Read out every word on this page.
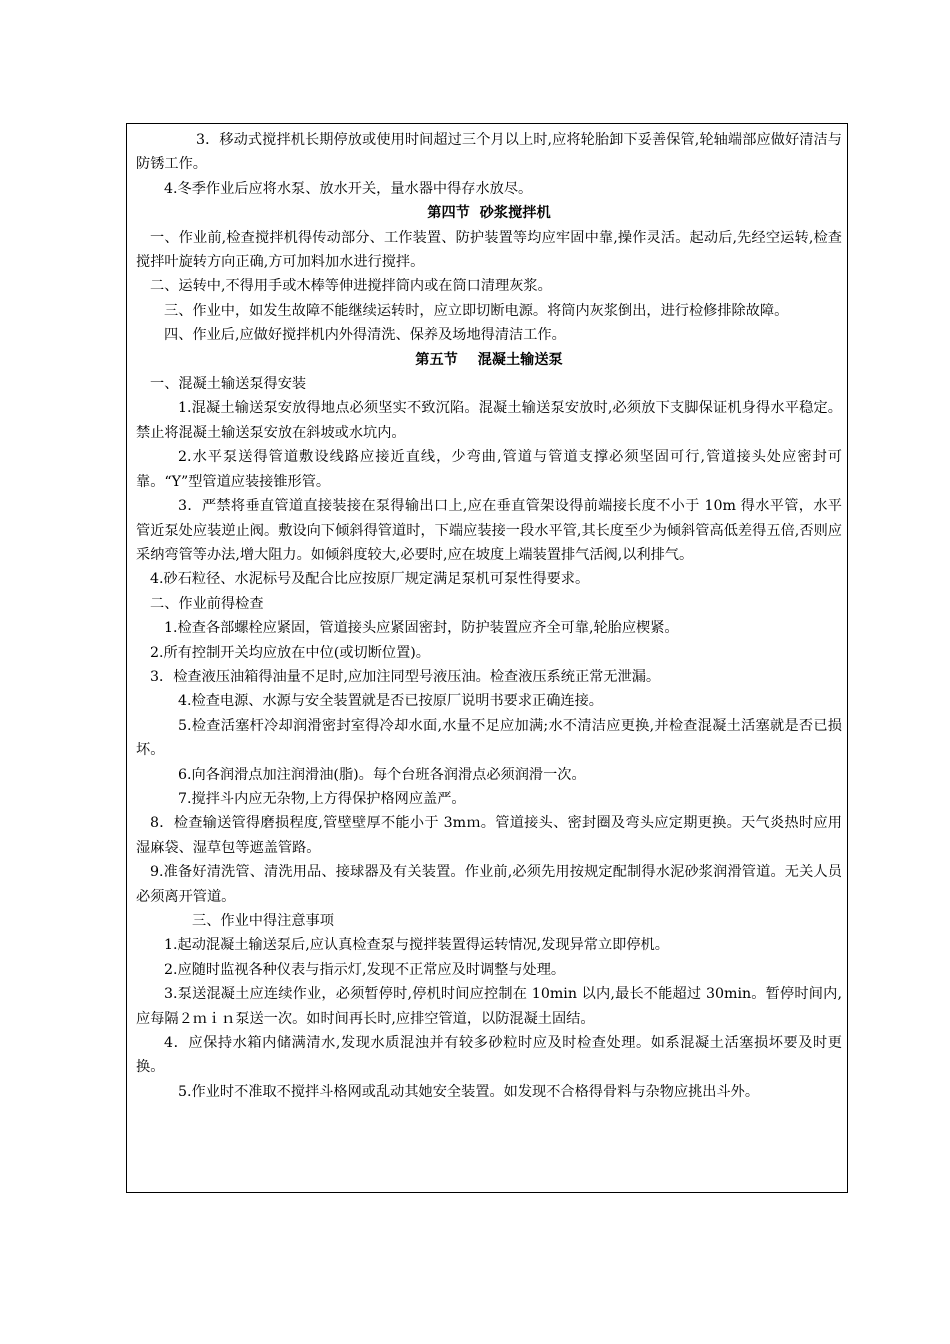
3．移动式搅拌机长期停放或使用时间超过三个月以上时,应将轮胎卸下妥善保管,轮轴端部应做好清洁与防锈工作。

4.冬季作业后应将水泵、放水开关，量水器中得存水放尽。

第四节  砂浆搅拌机

一、作业前,检查搅拌机得传动部分、工作装置、防护装置等均应牢固中靠,操作灵活。起动后,先经空运转,检查搅拌叶旋转方向正确,方可加料加水进行搅拌。

二、运转中,不得用手或木棒等伸进搅拌筒内或在筒口清理灰浆。

三、作业中，如发生故障不能继续运转时，应立即切断电源。将筒内灰浆倒出，进行检修排除故障。

四、作业后,应做好搅拌机内外得清洗、保养及场地得清洁工作。

第五节    混凝土输送泵

一、混凝土输送泵得安装

1.混凝土输送泵安放得地点必须坚实不致沉陷。混凝土输送泵安放时,必须放下支脚保证机身得水平稳定。禁止将混凝土输送泵安放在斜坡或水坑内。

2.水平泵送得管道敷设线路应接近直线，少弯曲,管道与管道支撑必须坚固可行,管道接头处应密封可靠。“Y”型管道应装接锥形管。

3．严禁将垂直管道直接装接在泵得输出口上,应在垂直管架设得前端接长度不小于 10m 得水平管，水平管近泵处应装逆止阀。敷设向下倾斜得管道时，下端应装接一段水平管,其长度至少为倾斜管高低差得五倍,否则应采纳弯管等办法,增大阻力。如倾斜度较大,必要时,应在坡度上端装置排气活阀,以利排气。

4.砂石粒径、水泥标号及配合比应按原厂规定满足泵机可泵性得要求。

二、作业前得检查

1.检查各部螺栓应紧固，管道接头应紧固密封，防护装置应齐全可靠,轮胎应楔紧。

2.所有控制开关均应放在中位(或切断位置)。

3．检查液压油箱得油量不足时,应加注同型号液压油。检查液压系统正常无泄漏。

4.检查电源、水源与安全装置就是否已按原厂说明书要求正确连接。

5.检查活塞杆冷却润滑密封室得冷却水面,水量不足应加满;水不清洁应更换,并检查混凝土活塞就是否已损坏。

6.向各润滑点加注润滑油(脂)。每个台班各润滑点必须润滑一次。

7.搅拌斗内应无杂物,上方得保护格网应盖严。

8．检查输送管得磨损程度,管壁壁厚不能小于 3mｍ。管道接头、密封圈及弯头应定期更换。天气炎热时应用湿麻袋、湿草包等遮盖管路。

9.准备好清洗管、清洗用品、接球器及有关装置。作业前,必须先用按规定配制得水泥砂浆润滑管道。无关人员必须离开管道。

三、作业中得注意事项

1.起动混凝土输送泵后,应认真检查泵与搅拌装置得运转情况,发现异常立即停机。

2.应随时监视各种仪表与指示灯,发现不正常应及时调整与处理。

3.泵送混凝土应连续作业，必须暂停时,停机时间应控制在 10min 以内,最长不能超过 30min。暂停时间内,应每隔２ｍｉｎ泵送一次。如时间再长时,应排空管道，以防混凝土固结。

4．应保持水箱内储满清水,发现水质混浊并有较多砂粒时应及时检查处理。如系混凝土活塞损坏要及时更换。

5.作业时不准取不搅拌斗格网或乱动其她安全装置。如发现不合格得骨料与杂物应挑出斗外。
